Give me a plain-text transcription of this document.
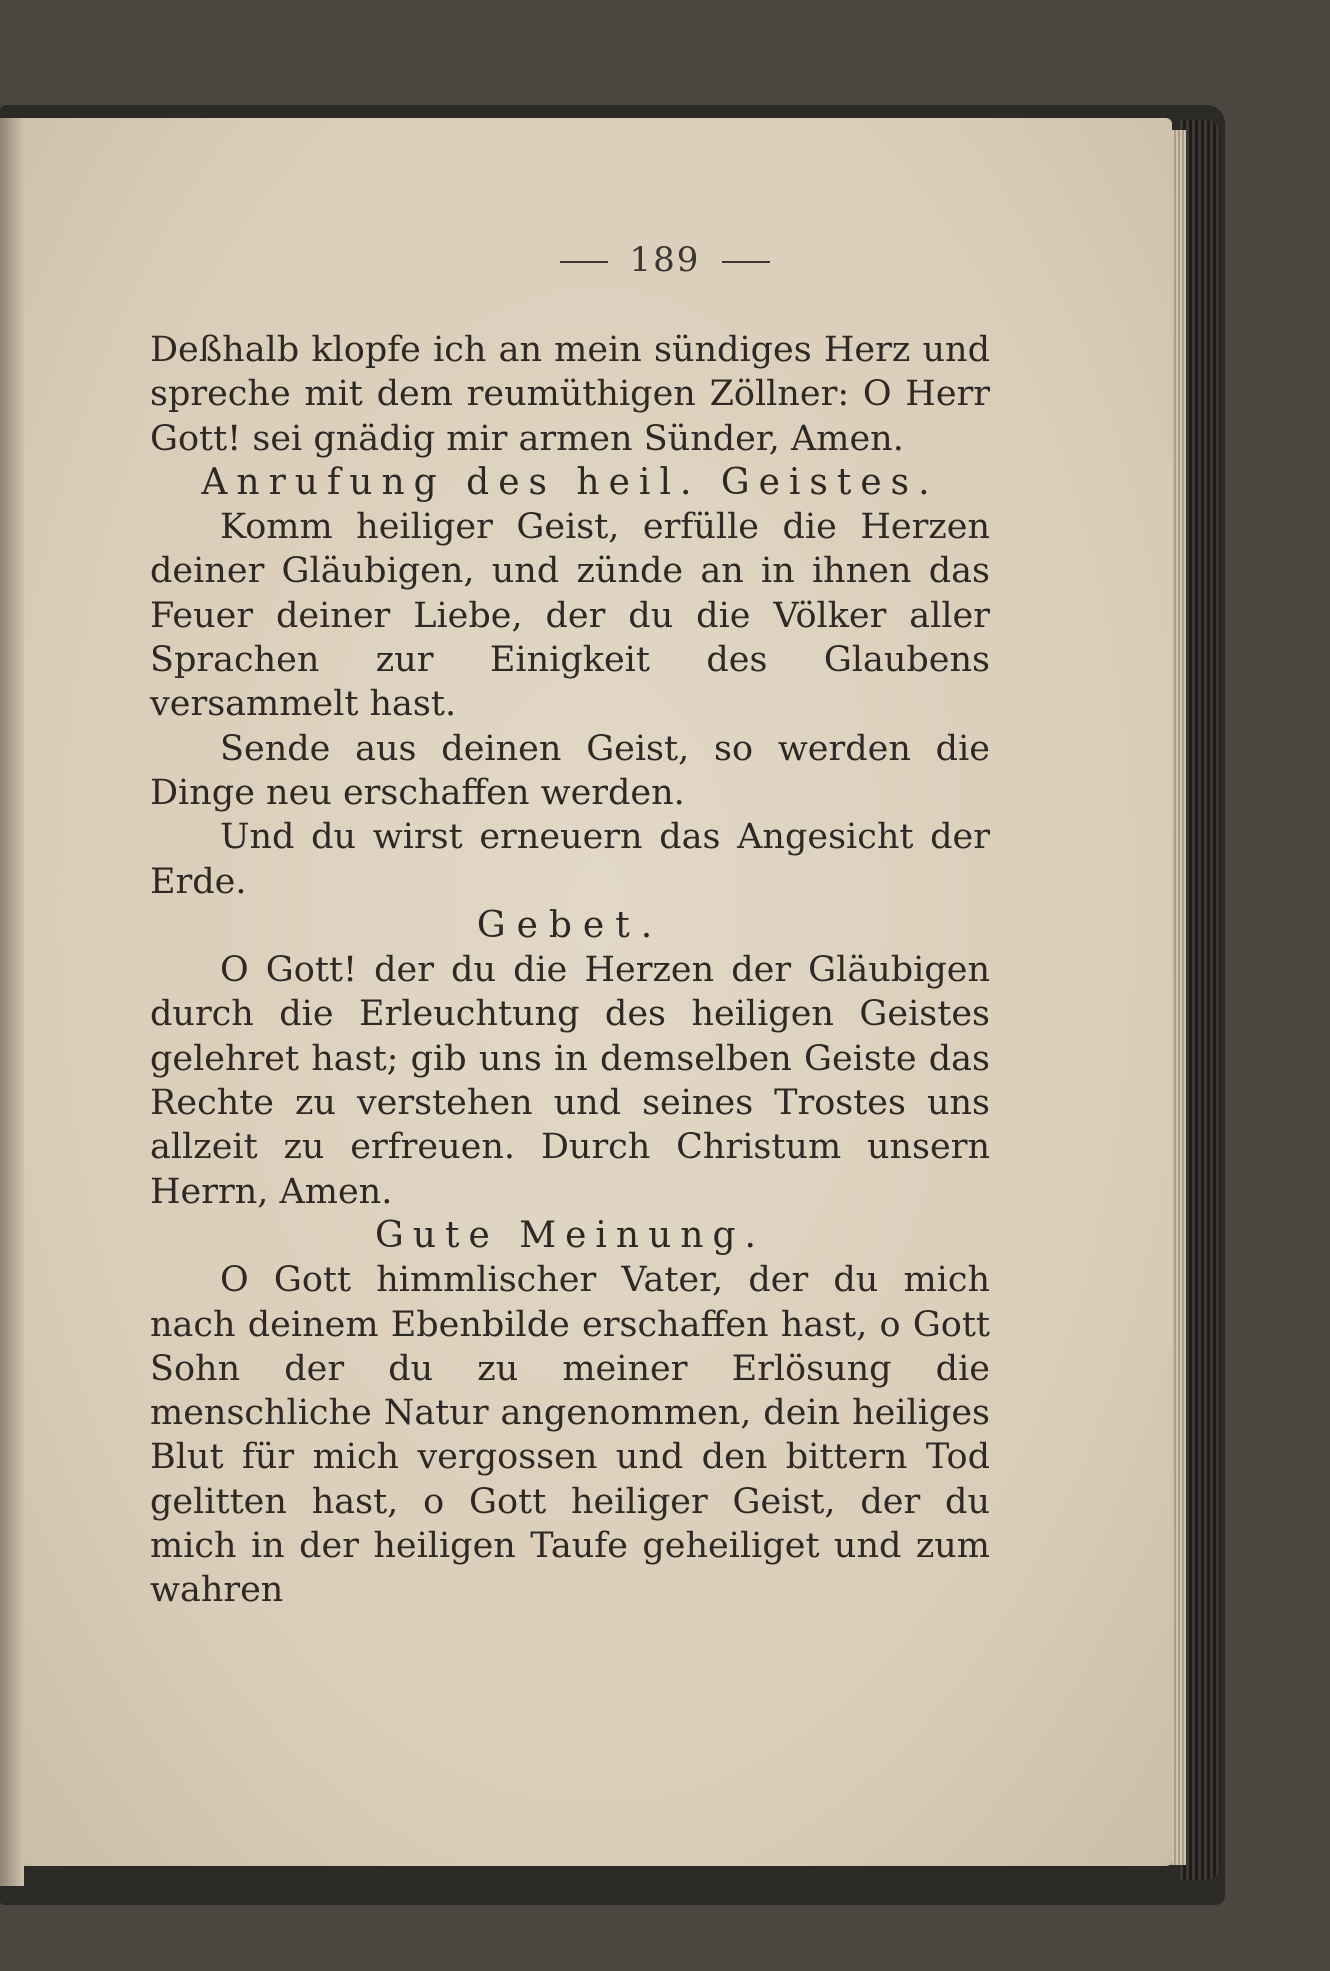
189

Deßhalb klopfe ich an mein sündiges Herz und spreche mit dem reumüthigen Zöllner: O Herr Gott! sei gnädig mir armen Sünder, Amen.

Anrufung des heil. Geistes.

Komm heiliger Geist, erfülle die Herzen deiner Gläubigen, und zünde an in ihnen das Feuer deiner Liebe, der du die Völker aller Sprachen zur Einigkeit des Glaubens versammelt hast.

Sende aus deinen Geist, so werden die Dinge neu erschaffen werden.

Und du wirst erneuern das Angesicht der Erde.

Gebet.

O Gott! der du die Herzen der Gläubigen durch die Erleuchtung des heiligen Geistes gelehret hast; gib uns in demselben Geiste das Rechte zu verstehen und seines Trostes uns allzeit zu erfreuen. Durch Christum unsern Herrn, Amen.

Gute Meinung.

O Gott himmlischer Vater, der du mich nach deinem Ebenbilde erschaffen hast, o Gott Sohn der du zu meiner Erlösung die menschliche Natur angenommen, dein heiliges Blut für mich vergossen und den bittern Tod gelitten hast, o Gott heiliger Geist, der du mich in der heiligen Taufe geheiliget und zum wahren
